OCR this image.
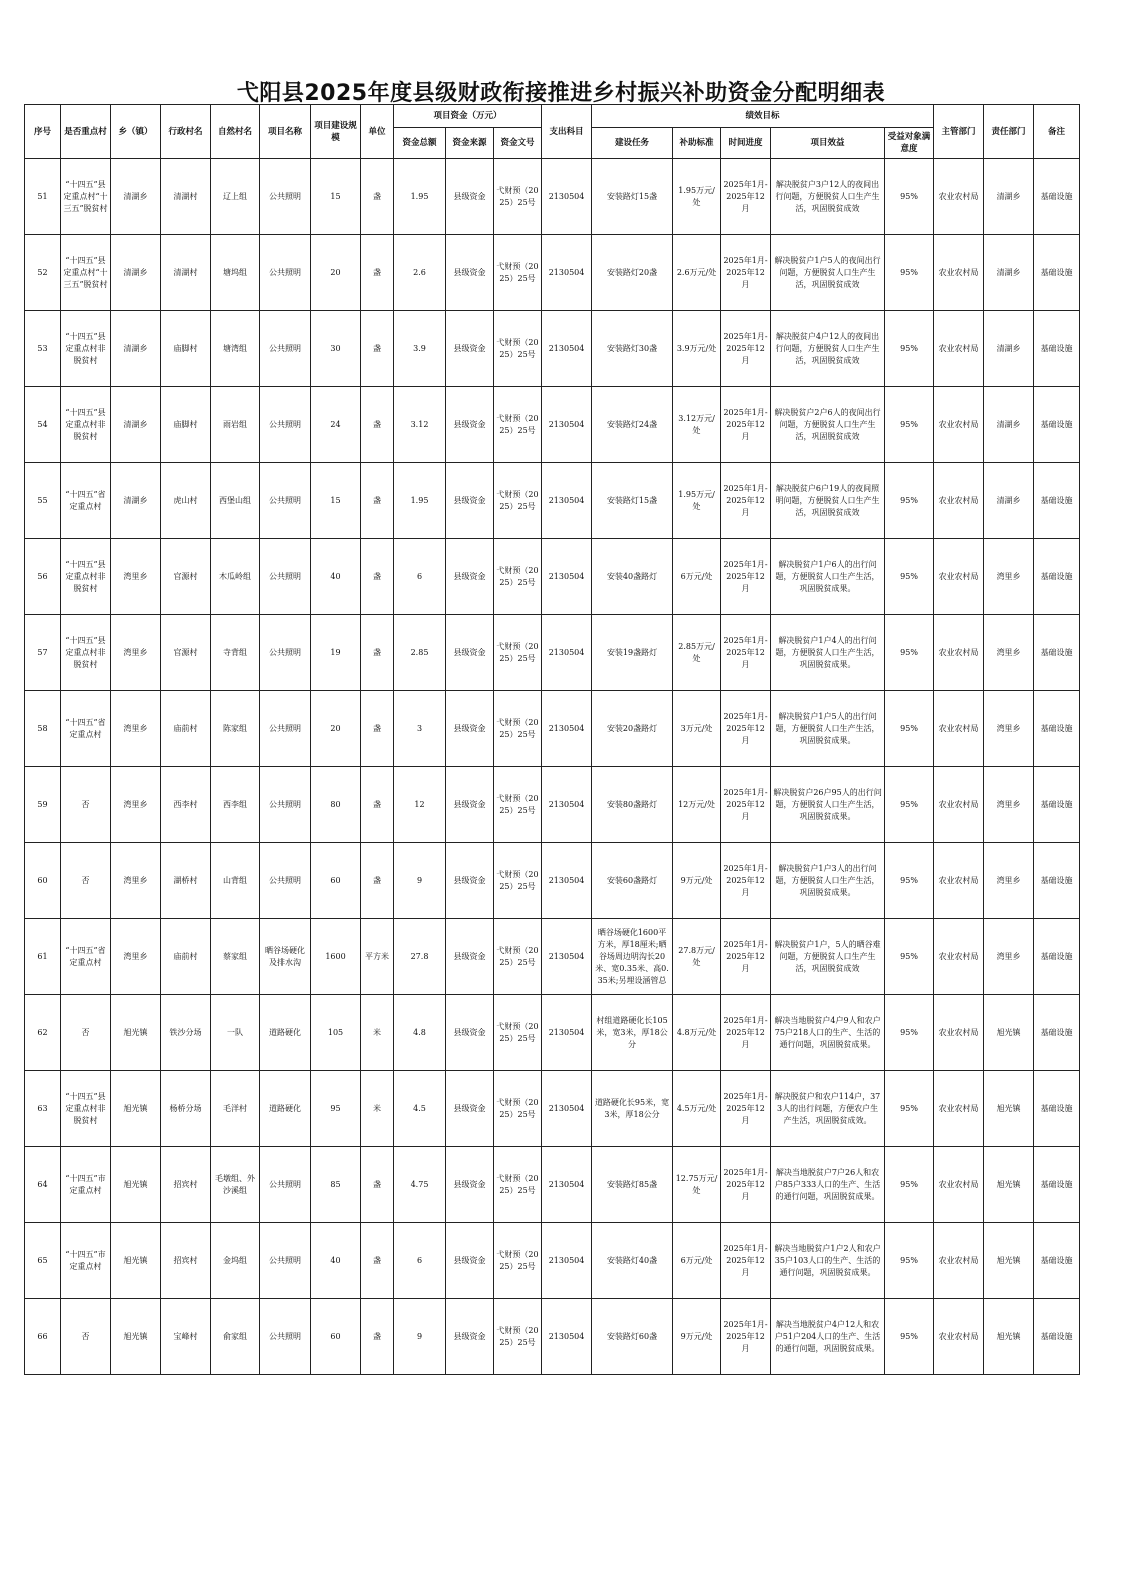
弋阳县2025年度县级财政衔接推进乡村振兴补助资金分配明细表
序号	是否重点村	乡（镇）	行政村名	自然村名	项目名称	项目建设规模	单位	项目资金（万元）			支出科目	绩效目标					主管部门	责任部门	备注
								资金总额	资金来源	资金文号		建设任务	补助标准	时间进度	项目效益	受益对象满意度			
51	“十四五”县定重点村“十三五”脱贫村	清湖乡	清湖村	辽上组	公共照明	15	盏	1.95	县级资金	弋财预（2025）25号	2130504	安装路灯15盏	1.95万元/处	2025年1月-2025年12月	解决脱贫户3户12人的夜间出行问题，方便脱贫人口生产生活，巩固脱贫成效	95%	农业农村局	清湖乡	基础设施
52	“十四五”县定重点村“十三五”脱贫村	清湖乡	清湖村	塘坞组	公共照明	20	盏	2.6	县级资金	弋财预（2025）25号	2130504	安装路灯20盏	2.6万元/处	2025年1月-2025年12月	解决脱贫户1户5人的夜间出行问题，方便脱贫人口生产生活，巩固脱贫成效	95%	农业农村局	清湖乡	基础设施
53	“十四五”县定重点村非脱贫村	清湖乡	庙脚村	塘湾组	公共照明	30	盏	3.9	县级资金	弋财预（2025）25号	2130504	安装路灯30盏	3.9万元/处	2025年1月-2025年12月	解决脱贫户4户12人的夜间出行问题，方便脱贫人口生产生活，巩固脱贫成效	95%	农业农村局	清湖乡	基础设施
54	“十四五”县定重点村非脱贫村	清湖乡	庙脚村	雨岩组	公共照明	24	盏	3.12	县级资金	弋财预（2025）25号	2130504	安装路灯24盏	3.12万元/处	2025年1月-2025年12月	解决脱贫户2户6人的夜间出行问题，方便脱贫人口生产生活，巩固脱贫成效	95%	农业农村局	清湖乡	基础设施
55	“十四五”省定重点村	清湖乡	虎山村	西堡山组	公共照明	15	盏	1.95	县级资金	弋财预（2025）25号	2130504	安装路灯15盏	1.95万元/处	2025年1月-2025年12月	解决脱贫户6户19人的夜间照明问题，方便脱贫人口生产生活，巩固脱贫成效	95%	农业农村局	清湖乡	基础设施
56	“十四五”县定重点村非脱贫村	湾里乡	官源村	木瓜岭组	公共照明	40	盏	6	县级资金	弋财预（2025）25号	2130504	安装40盏路灯	6万元/处	2025年1月-2025年12月	解决脱贫户1户6人的出行问题，方便脱贫人口生产生活，巩固脱贫成果。	95%	农业农村局	湾里乡	基础设施
57	“十四五”县定重点村非脱贫村	湾里乡	官源村	寺背组	公共照明	19	盏	2.85	县级资金	弋财预（2025）25号	2130504	安装19盏路灯	2.85万元/处	2025年1月-2025年12月	解决脱贫户1户4人的出行问题，方便脱贫人口生产生活，巩固脱贫成果。	95%	农业农村局	湾里乡	基础设施
58	“十四五”省定重点村	湾里乡	庙前村	陈家组	公共照明	20	盏	3	县级资金	弋财预（2025）25号	2130504	安装20盏路灯	3万元/处	2025年1月-2025年12月	解决脱贫户1户5人的出行问题，方便脱贫人口生产生活，巩固脱贫成果。	95%	农业农村局	湾里乡	基础设施
59	否	湾里乡	西李村	西李组	公共照明	80	盏	12	县级资金	弋财预（2025）25号	2130504	安装80盏路灯	12万元/处	2025年1月-2025年12月	解决脱贫户26户95人的出行问题，方便脱贫人口生产生活，巩固脱贫成果。	95%	农业农村局	湾里乡	基础设施
60	否	湾里乡	湖桥村	山背组	公共照明	60	盏	9	县级资金	弋财预（2025）25号	2130504	安装60盏路灯	9万元/处	2025年1月-2025年12月	解决脱贫户1户3人的出行问题，方便脱贫人口生产生活，巩固脱贫成果。	95%	农业农村局	湾里乡	基础设施
61	“十四五”省定重点村	湾里乡	庙前村	蔡家组	晒谷场硬化及排水沟	1600	平方米	27.8	县级资金	弋财预（2025）25号	2130504	晒谷场硬化1600平方米，厚18厘米;晒谷场周边明沟长20米、宽0.35米、高0.35米;另埋设涵管总	27.8万元/处	2025年1月-2025年12月	解决脱贫户1户，5人的晒谷难问题，方便脱贫人口生产生活，巩固脱贫成效	95%	农业农村局	湾里乡	基础设施
62	否	旭光镇	铁沙分场	一队	道路硬化	105	米	4.8	县级资金	弋财预（2025）25号	2130504	村组道路硬化长105米，宽3米，厚18公分	4.8万元/处	2025年1月-2025年12月	解决当地脱贫户4户9人和农户75户218人口的生产、生活的通行问题，巩固脱贫成果。	95%	农业农村局	旭光镇	基础设施
63	“十四五”县定重点村非脱贫村	旭光镇	杨桥分场	毛洋村	道路硬化	95	米	4.5	县级资金	弋财预（2025）25号	2130504	道路硬化长95米，宽3米，厚18公分	4.5万元/处	2025年1月-2025年12月	解决脱贫户和农户114户，373人的出行问题，方便农户生产生活，巩固脱贫成效。	95%	农业农村局	旭光镇	基础设施
64	“十四五”市定重点村	旭光镇	招宾村	毛墩组、外沙溪组	公共照明	85	盏	4.75	县级资金	弋财预（2025）25号	2130504	安装路灯85盏	12.75万元/处	2025年1月-2025年12月	解决当地脱贫户7户26人和农户85户333人口的生产、生活的通行问题，巩固脱贫成果。	95%	农业农村局	旭光镇	基础设施
65	“十四五”市定重点村	旭光镇	招宾村	金坞组	公共照明	40	盏	6	县级资金	弋财预（2025）25号	2130504	安装路灯40盏	6万元/处	2025年1月-2025年12月	解决当地脱贫户1户2人和农户35户103人口的生产、生活的通行问题，巩固脱贫成果。	95%	农业农村局	旭光镇	基础设施
66	否	旭光镇	宝峰村	俞家组	公共照明	60	盏	9	县级资金	弋财预（2025）25号	2130504	安装路灯60盏	9万元/处	2025年1月-2025年12月	解决当地脱贫户4户12人和农户51户204人口的生产、生活的通行问题，巩固脱贫成果。	95%	农业农村局	旭光镇	基础设施
